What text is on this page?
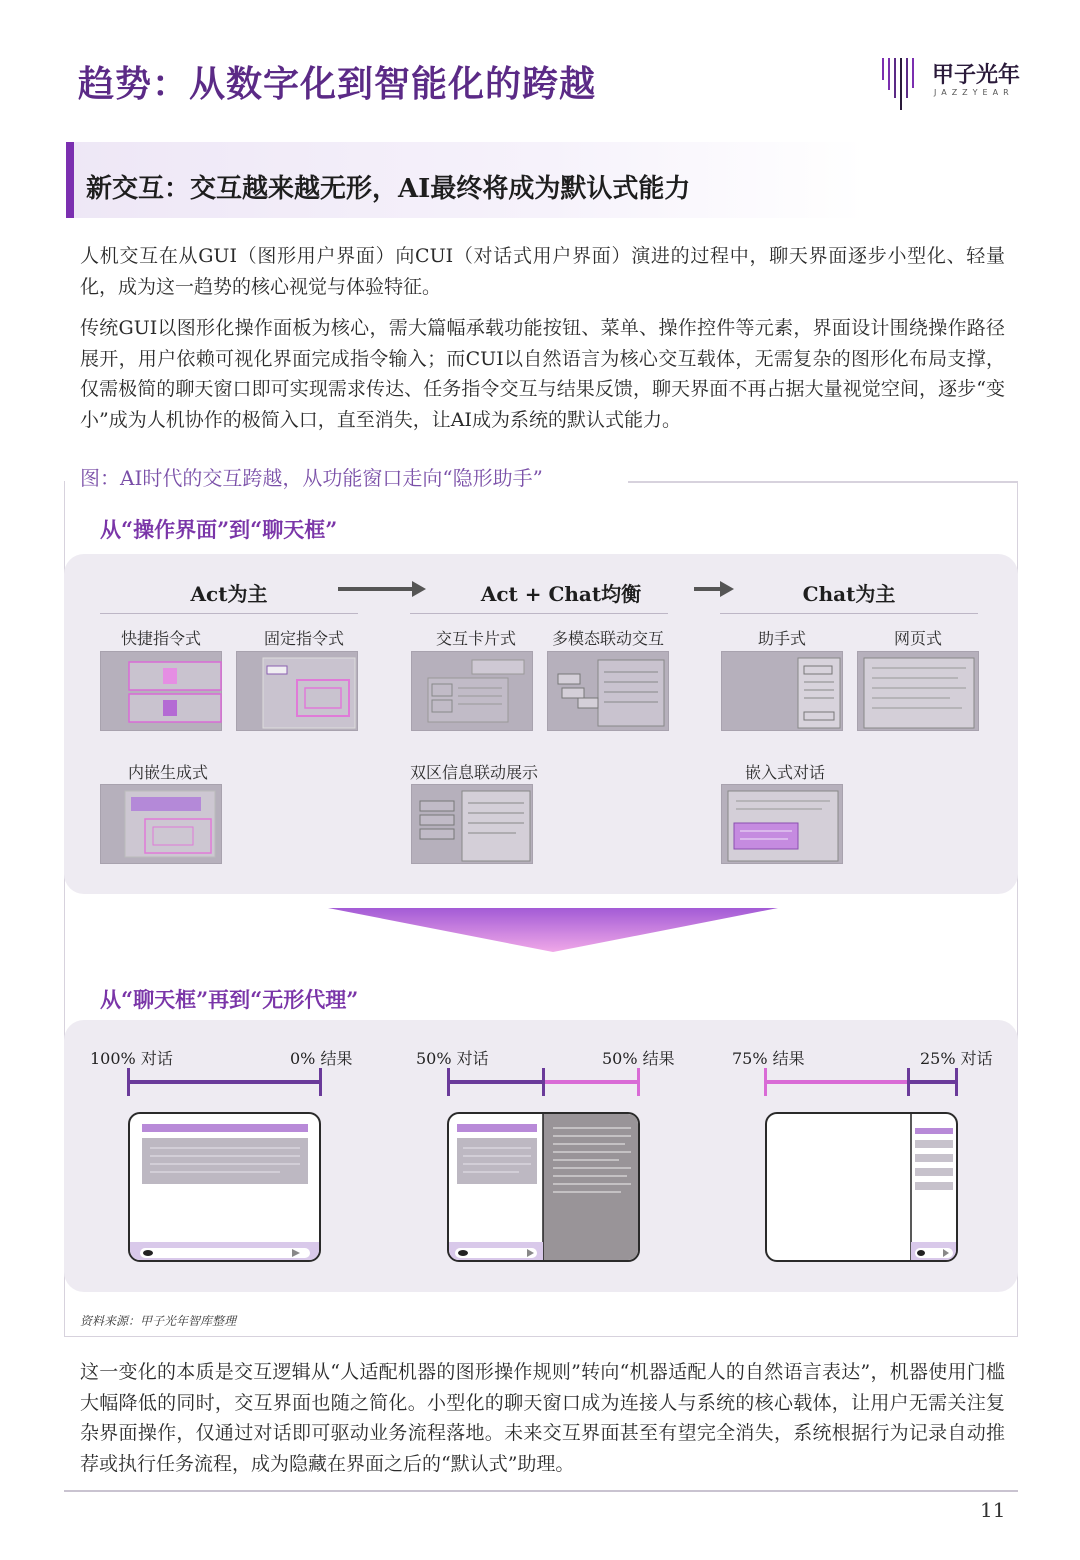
趋势：从数字化到智能化的跨越	甲子光年
JAZZYEAR
新交互：交互越来越无形，AI最终将成为默认式能力

人机交互在从GUI（图形用户界面）向CUI（对话式用户界面）演进的过程中，聊天界面逐步小型化、轻量化，成为这一趋势的核心视觉与体验特征。

传统GUI以图形化操作面板为核心，需大篇幅承载功能按钮、菜单、操作控件等元素，界面设计围绕操作路径展开，用户依赖可视化界面完成指令输入；而CUI以自然语言为核心交互载体，无需复杂的图形化布局支撑，仅需极简的聊天窗口即可实现需求传达、任务指令交互与结果反馈，聊天界面不再占据大量视觉空间，逐步“变小”成为人机协作的极简入口，直至消失，让AI成为系统的默认式能力。

图：AI时代的交互跨越，从功能窗口走向“隐形助手”
从“操作界面”到“聊天框”
Act为主	Act + Chat均衡	Chat为主
快捷指令式	固定指令式	交互卡片式	多模态联动交互	助手式	网页式
内嵌生成式	双区信息联动展示	嵌入式对话
从“聊天框”再到“无形代理”
100% 对话	0% 结果	50% 对话	50% 结果	75% 结果	25% 对话
资料来源：甲子光年智库整理

这一变化的本质是交互逻辑从“人适配机器的图形操作规则”转向“机器适配人的自然语言表达”，机器使用门槛大幅降低的同时，交互界面也随之简化。小型化的聊天窗口成为连接人与系统的核心载体，让用户无需关注复杂界面操作，仅通过对话即可驱动业务流程落地。未来交互界面甚至有望完全消失，系统根据行为记录自动推荐或执行任务流程，成为隐藏在界面之后的“默认式”助理。

11
